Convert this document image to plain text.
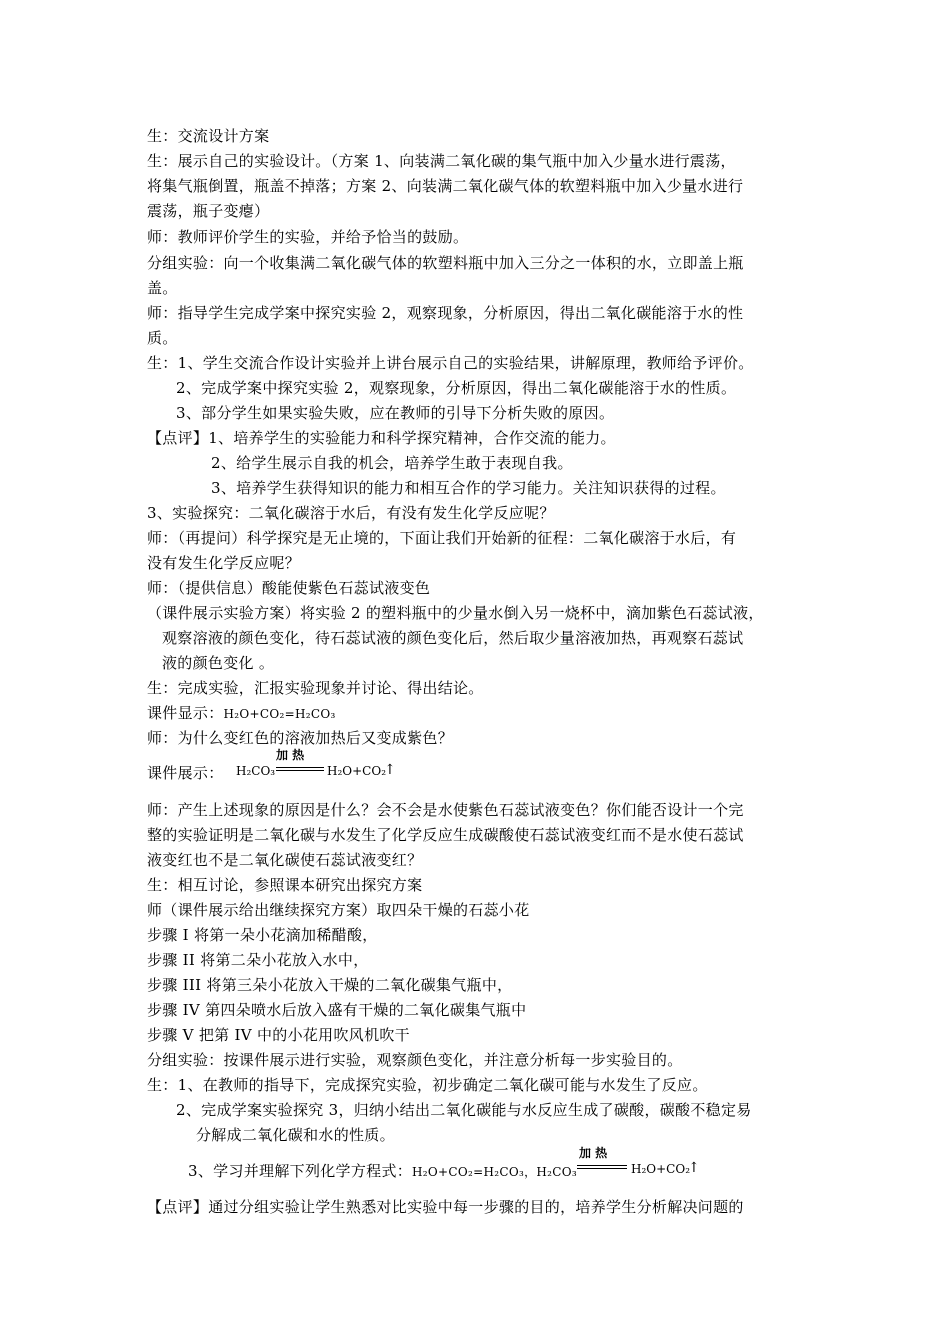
生：交流设计方案
生：展示自己的实验设计。（方案 1、向装满二氧化碳的集气瓶中加入少量水进行震荡，
将集气瓶倒置，瓶盖不掉落；方案 2、向装满二氧化碳气体的软塑料瓶中加入少量水进行
震荡，瓶子变瘪）
师：教师评价学生的实验，并给予恰当的鼓励。
分组实验：向一个收集满二氧化碳气体的软塑料瓶中加入三分之一体积的水，立即盖上瓶
盖。
师：指导学生完成学案中探究实验 2，观察现象，分析原因，得出二氧化碳能溶于水的性
质。
生：1、学生交流合作设计实验并上讲台展示自己的实验结果，讲解原理，教师给予评价。
2、完成学案中探究实验 2，观察现象，分析原因，得出二氧化碳能溶于水的性质。
3、部分学生如果实验失败，应在教师的引导下分析失败的原因。
【点评】1、培养学生的实验能力和科学探究精神，合作交流的能力。
2、给学生展示自我的机会，培养学生敢于表现自我。
3、培养学生获得知识的能力和相互合作的学习能力。关注知识获得的过程。
3、实验探究：二氧化碳溶于水后，有没有发生化学反应呢？
师：（再提问）科学探究是无止境的，下面让我们开始新的征程：二氧化碳溶于水后，有
没有发生化学反应呢？
师：（提供信息）酸能使紫色石蕊试液变色
（课件展示实验方案）将实验 2 的塑料瓶中的少量水倒入另一烧杯中，滴加紫色石蕊试液，
观察溶液的颜色变化，待石蕊试液的颜色变化后，然后取少量溶液加热，再观察石蕊试
液的颜色变化 。
生：完成实验，汇报实验现象并讨论、得出结论。
课件显示：H₂O+CO₂=H₂CO₃
师：为什么变红色的溶液加热后又变成紫色？
课件展示： H₂CO₃
加 热
H₂O+CO₂
↑
师：产生上述现象的原因是什么？会不会是水使紫色石蕊试液变色？你们能否设计一个完
整的实验证明是二氧化碳与水发生了化学反应生成碳酸使石蕊试液变红而不是水使石蕊试
液变红也不是二氧化碳使石蕊试液变红？
生：相互讨论，参照课本研究出探究方案
师（课件展示给出继续探究方案）取四朵干燥的石蕊小花
步骤 I 将第一朵小花滴加稀醋酸，
步骤 II 将第二朵小花放入水中，
步骤 III 将第三朵小花放入干燥的二氧化碳集气瓶中，
步骤 IV 第四朵喷水后放入盛有干燥的二氧化碳集气瓶中
步骤 V 把第 IV 中的小花用吹风机吹干
分组实验：按课件展示进行实验，观察颜色变化，并注意分析每一步实验目的。
生：1、在教师的指导下，完成探究实验，初步确定二氧化碳可能与水发生了反应。
2、完成学案实验探究 3，归纳小结出二氧化碳能与水反应生成了碳酸，碳酸不稳定易
分解成二氧化碳和水的性质。
3、学习并理解下列化学方程式：H₂O+CO₂=H₂CO₃，H₂CO₃
加 热
H₂O+CO₂
↑
【点评】通过分组实验让学生熟悉对比实验中每一步骤的目的，培养学生分析解决问题的
